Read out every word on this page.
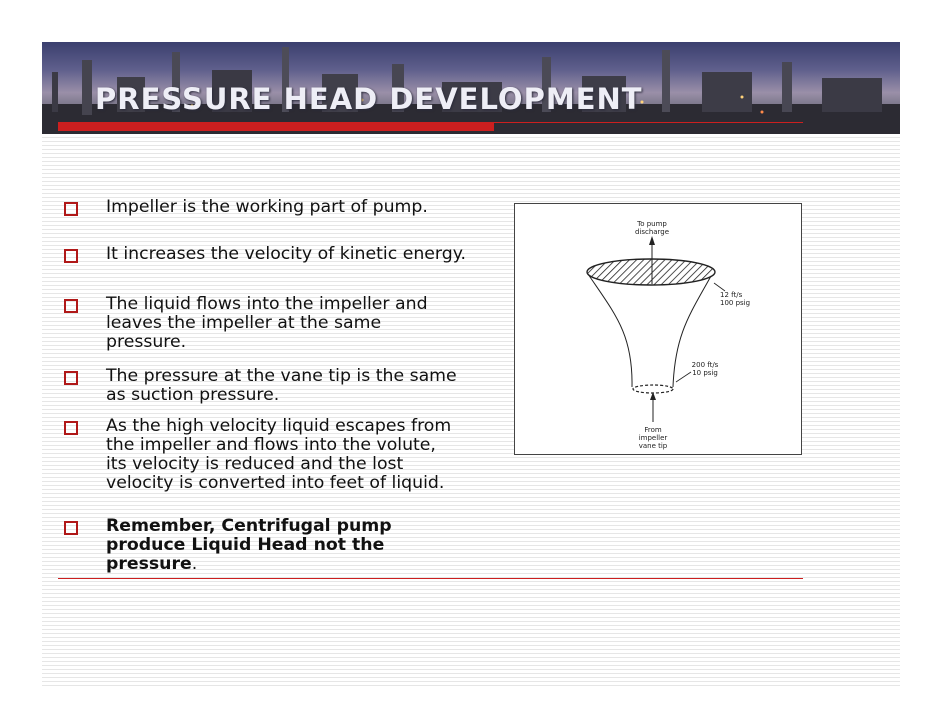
PRESSURE HEAD DEVELOPMENT
Impeller is the working part of pump.
It increases the velocity of kinetic energy.
The liquid flows into the impeller and leaves the impeller at the same pressure.
The pressure at the vane tip is the same as suction pressure.
As the high velocity liquid escapes from the impeller and flows into the volute, its velocity is reduced and the lost velocity is converted into feet of liquid.
Remember, Centrifugal pump produce Liquid Head not the pressure.
To pump
discharge
12 ft/s
100 psig
200 ft/s
10 psig
From
impeller
vane tip
